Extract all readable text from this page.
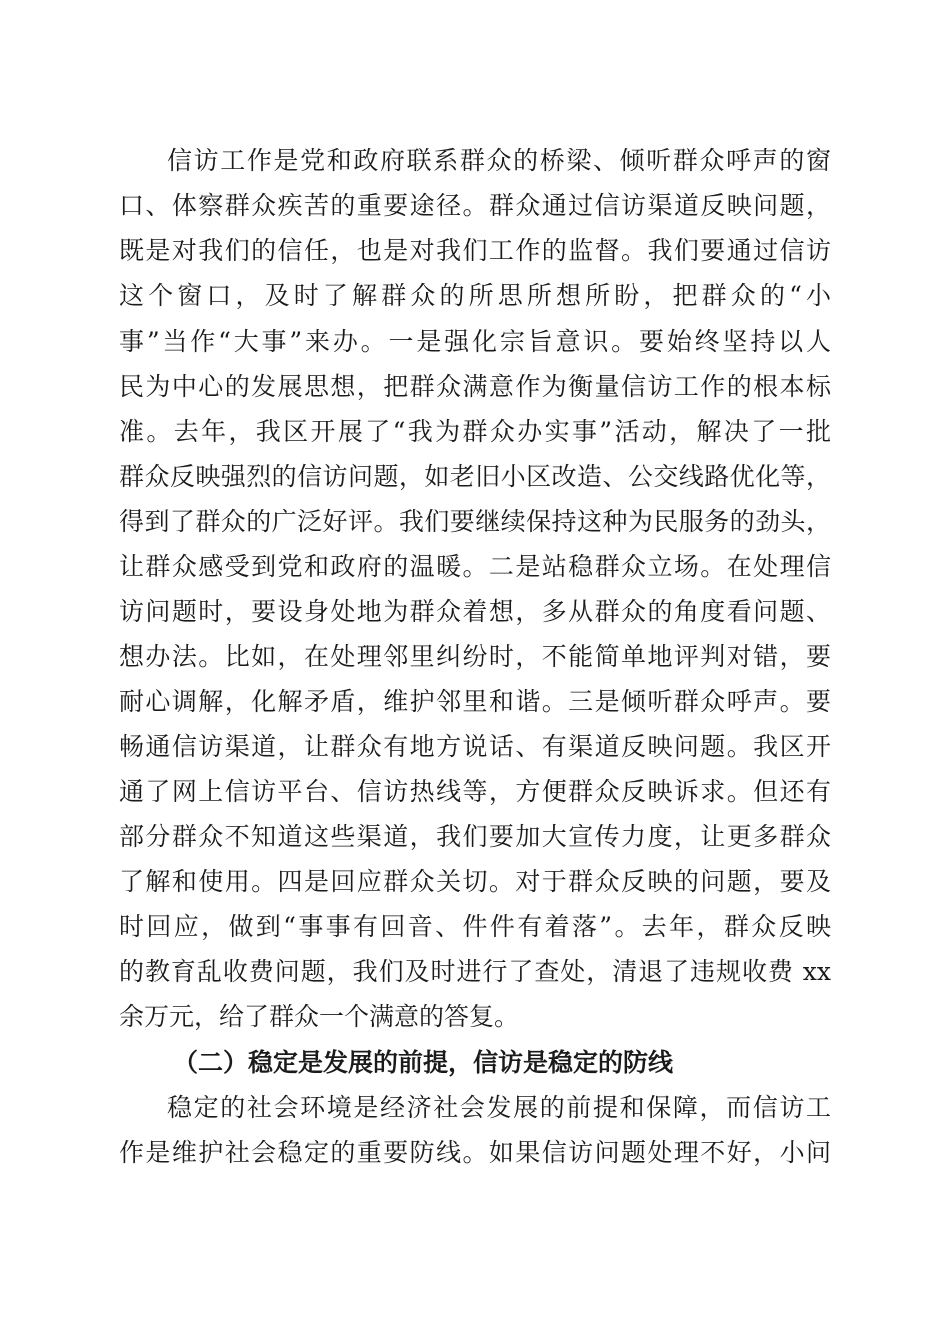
信访工作是党和政府联系群众的桥梁、倾听群众呼声的窗
口、体察群众疾苦的重要途径。群众通过信访渠道反映问题，
既是对我们的信任，也是对我们工作的监督。我们要通过信访
这个窗口，及时了解群众的所思所想所盼，把群众的“小
事”当作“大事”来办。一是强化宗旨意识。要始终坚持以人
民为中心的发展思想，把群众满意作为衡量信访工作的根本标
准。去年，我区开展了“我为群众办实事”活动，解决了一批
群众反映强烈的信访问题，如老旧小区改造、公交线路优化等，
得到了群众的广泛好评。我们要继续保持这种为民服务的劲头，
让群众感受到党和政府的温暖。二是站稳群众立场。在处理信
访问题时，要设身处地为群众着想，多从群众的角度看问题、
想办法。比如，在处理邻里纠纷时，不能简单地评判对错，要
耐心调解，化解矛盾，维护邻里和谐。三是倾听群众呼声。要
畅通信访渠道，让群众有地方说话、有渠道反映问题。我区开
通了网上信访平台、信访热线等，方便群众反映诉求。但还有
部分群众不知道这些渠道，我们要加大宣传力度，让更多群众
了解和使用。四是回应群众关切。对于群众反映的问题，要及
时回应，做到“事事有回音、件件有着落”。去年，群众反映
的教育乱收费问题，我们及时进行了查处，清退了违规收费 xx
余万元，给了群众一个满意的答复。
（二）稳定是发展的前提，信访是稳定的防线
稳定的社会环境是经济社会发展的前提和保障，而信访工
作是维护社会稳定的重要防线。如果信访问题处理不好，小问
